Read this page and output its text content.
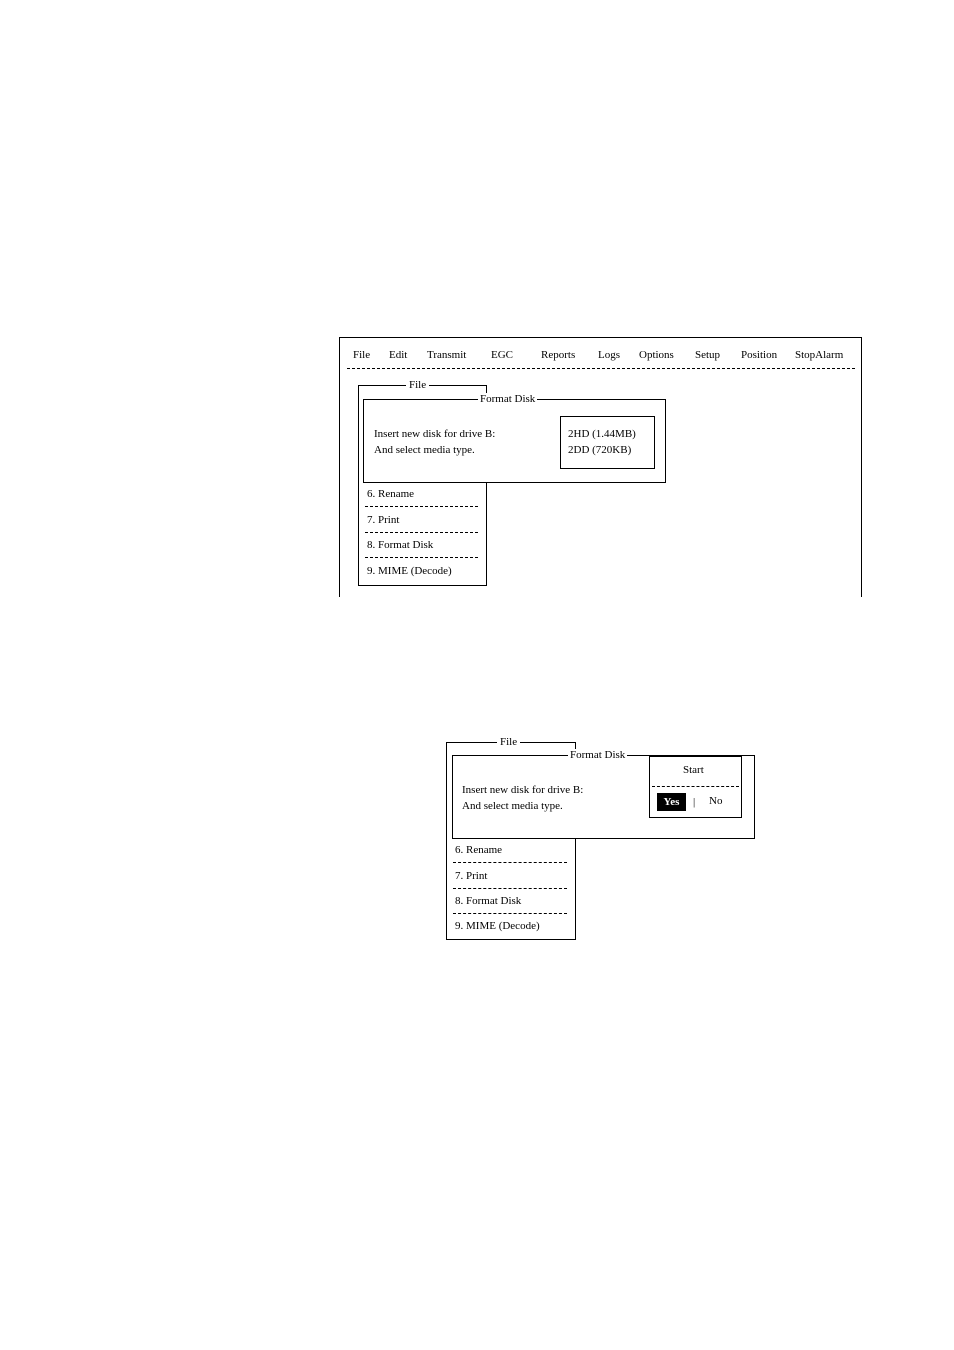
File Edit Transmit EGC	Reports Logs Options Setup Position StopAlarm
File
6. Rename
7. Print
8. Format Disk
9. MIME (Decode)
Format Disk
Insert new disk for drive B:
And select media type.
2HD (1.44MB)
2DD (720KB)
File
6. Rename
7. Print
8. Format Disk
9. MIME (Decode)
Format Disk
Insert new disk for drive B:
And select media type.
Start
Yes	| No
